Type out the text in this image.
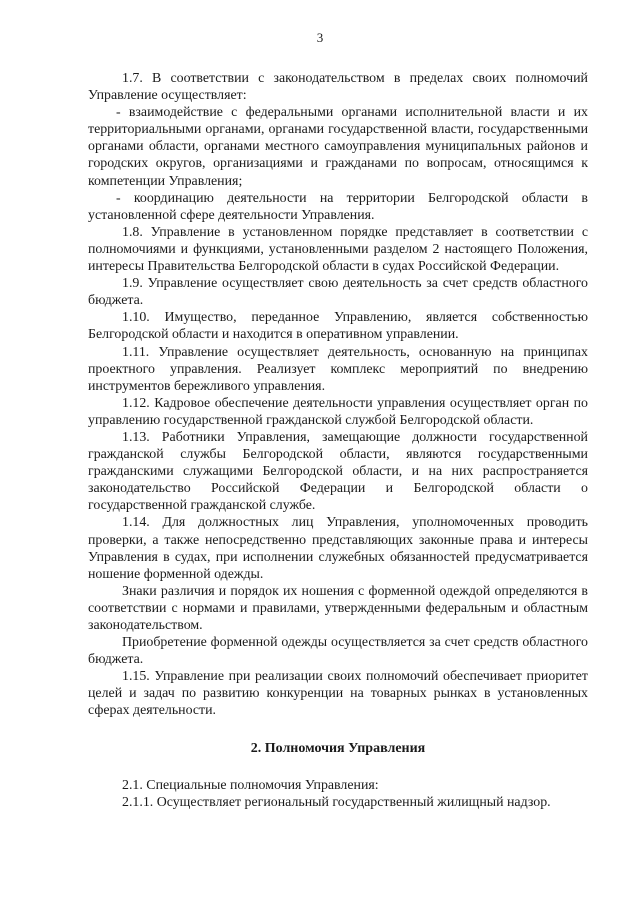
3

1.7. В соответствии с законодательством в пределах своих полномочий Управление осуществляет:

- взаимодействие с федеральными органами исполнительной власти и их территориальными органами, органами государственной власти, государственными органами области, органами местного самоуправления муниципальных районов и городских округов, организациями и гражданами по вопросам, относящимся к компетенции Управления;

- координацию деятельности на территории Белгородской области в установленной сфере деятельности Управления.

1.8. Управление в установленном порядке представляет в соответствии с полномочиями и функциями, установленными разделом 2 настоящего Положения, интересы Правительства Белгородской области в судах Российской Федерации.

1.9. Управление осуществляет свою деятельность за счет средств областного бюджета.

1.10. Имущество, переданное Управлению, является собственностью Белгородской области и находится в оперативном управлении.

1.11. Управление осуществляет деятельность, основанную на принципах проектного управления. Реализует комплекс мероприятий по внедрению инструментов бережливого управления.

1.12. Кадровое обеспечение деятельности управления осуществляет орган по управлению государственной гражданской службой Белгородской области.

1.13. Работники Управления, замещающие должности государственной гражданской службы Белгородской области, являются государственными гражданскими служащими Белгородской области, и на них распространяется законодательство Российской Федерации и Белгородской области о государственной гражданской службе.

1.14. Для должностных лиц Управления, уполномоченных проводить проверки, а также непосредственно представляющих законные права и интересы Управления в судах, при исполнении служебных обязанностей предусматривается ношение форменной одежды.

Знаки различия и порядок их ношения с форменной одеждой определяются в соответствии с нормами и правилами, утвержденными федеральным и областным законодательством.

Приобретение форменной одежды осуществляется за счет средств областного бюджета.

1.15. Управление при реализации своих полномочий обеспечивает приоритет целей и задач по развитию конкуренции на товарных рынках в установленных сферах деятельности.

2. Полномочия Управления

2.1. Специальные полномочия Управления:

2.1.1. Осуществляет региональный государственный жилищный надзор.
